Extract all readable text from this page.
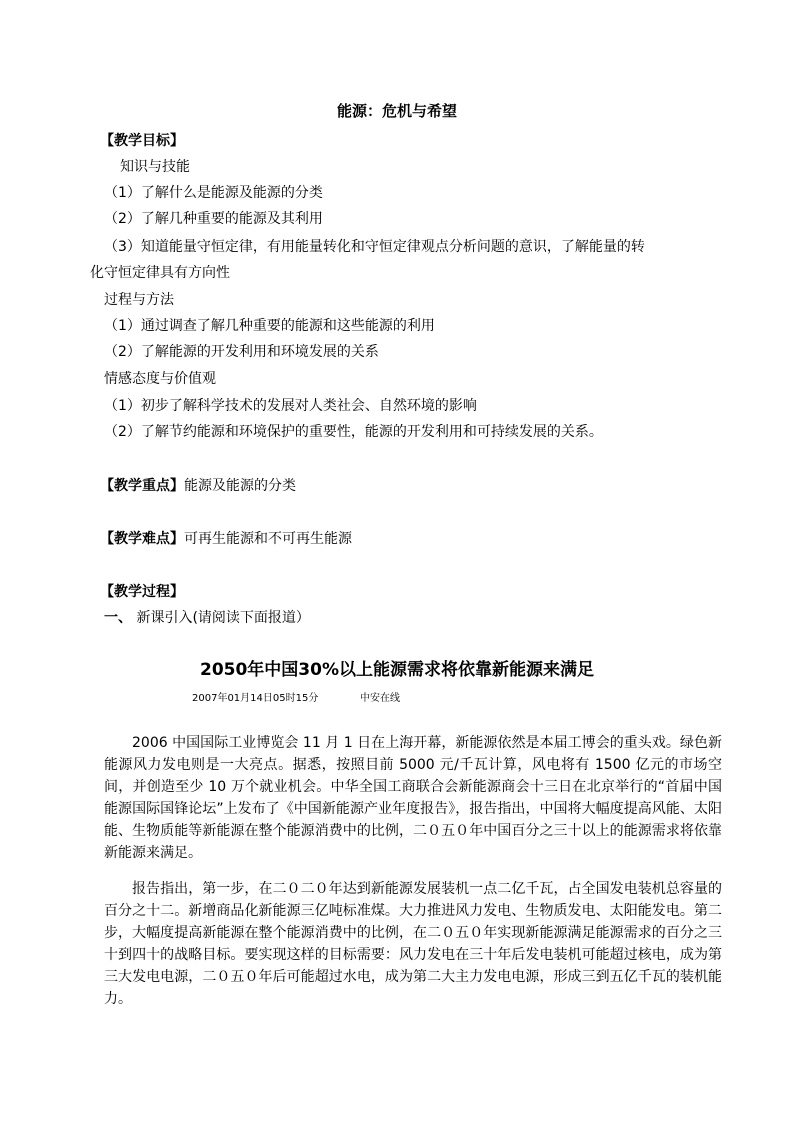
能源：危机与希望
【教学目标】
知识与技能
（1）了解什么是能源及能源的分类
（2）了解几种重要的能源及其利用
（3）知道能量守恒定律，有用能量转化和守恒定律观点分析问题的意识，了解能量的转
化守恒定律具有方向性
过程与方法
（1）通过调查了解几种重要的能源和这些能源的利用
（2）了解能源的开发利用和环境发展的关系
情感态度与价值观
（1）初步了解科学技术的发展对人类社会、自然环境的影响
（2）了解节约能源和环境保护的重要性，能源的开发利用和可持续发展的关系。
【教学重点】能源及能源的分类
【教学难点】可再生能源和不可再生能源
【教学过程】
一、 新课引入(请阅读下面报道）
2050年中国30%以上能源需求将依靠新能源来满足
2007年01月14日05时15分	中安在线
2006 中国国际工业博览会 11 月 1 日在上海开幕，新能源依然是本届工博会的重头戏。绿色新能源风力发电则是一大亮点。据悉，按照目前 5000 元/千瓦计算，风电将有 1500 亿元的市场空间，并创造至少 10 万个就业机会。中华全国工商联合会新能源商会十三日在北京举行的“首届中国能源国际国锋论坛”上发布了《中国新能源产业年度报告》，报告指出，中国将大幅度提高风能、太阳能、生物质能等新能源在整个能源消费中的比例，二０五０年中国百分之三十以上的能源需求将依靠新能源来满足。
报告指出，第一步，在二０二０年达到新能源发展装机一点二亿千瓦，占全国发电装机总容量的百分之十二。新增商品化新能源三亿吨标准煤。大力推进风力发电、生物质发电、太阳能发电。第二步，大幅度提高新能源在整个能源消费中的比例，在二０五０年实现新能源满足能源需求的百分之三十到四十的战略目标。要实现这样的目标需要：风力发电在三十年后发电装机可能超过核电，成为第三大发电电源，二０五０年后可能超过水电，成为第二大主力发电电源，形成三到五亿千瓦的装机能力。
